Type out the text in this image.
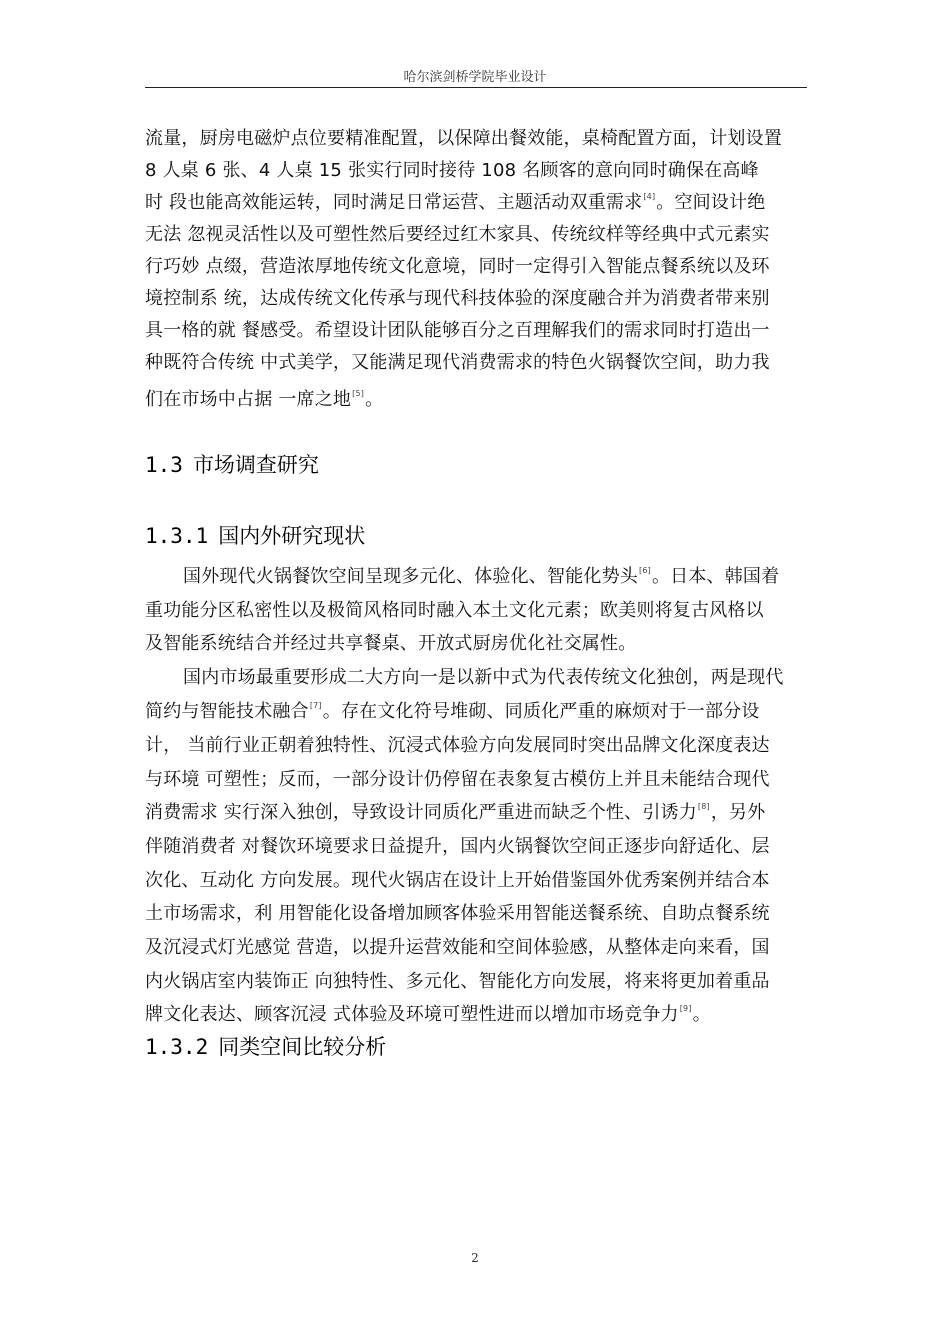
哈尔滨剑桥学院毕业设计
流量，厨房电磁炉点位要精准配置，以保障出餐效能，桌椅配置方面，计划设置
8 人桌 6 张、4 人桌 15 张实行同时接待 108 名顾客的意向同时确保在高峰
时 段也能高效能运转，同时满足日常运营、主题活动双重需求[4]。空间设计绝
无法 忽视灵活性以及可塑性然后要经过红木家具、传统纹样等经典中式元素实
行巧妙 点缀，营造浓厚地传统文化意境，同时一定得引入智能点餐系统以及环
境控制系 统，达成传统文化传承与现代科技体验的深度融合并为消费者带来别
具一格的就 餐感受。希望设计团队能够百分之百理解我们的需求同时打造出一
种既符合传统 中式美学，又能满足现代消费需求的特色火锅餐饮空间，助力我
们在市场中占据 一席之地[5]。
1.3 市场调查研究
1.3.1 国内外研究现状
国外现代火锅餐饮空间呈现多元化、体验化、智能化势头[6]。日本、韩国着
重功能分区私密性以及极简风格同时融入本土文化元素；欧美则将复古风格以
及智能系统结合并经过共享餐桌、开放式厨房优化社交属性。
国内市场最重要形成二大方向一是以新中式为代表传统文化独创，两是现代
简约与智能技术融合[7]。存在文化符号堆砌、同质化严重的麻烦对于一部分设
计， 当前行业正朝着独特性、沉浸式体验方向发展同时突出品牌文化深度表达
与环境 可塑性；反而，一部分设计仍停留在表象复古模仿上并且未能结合现代
消费需求 实行深入独创，导致设计同质化严重进而缺乏个性、引诱力[8]，另外
伴随消费者 对餐饮环境要求日益提升，国内火锅餐饮空间正逐步向舒适化、层
次化、互动化 方向发展。现代火锅店在设计上开始借鉴国外优秀案例并结合本
土市场需求，利 用智能化设备增加顾客体验采用智能送餐系统、自助点餐系统
及沉浸式灯光感觉 营造，以提升运营效能和空间体验感，从整体走向来看，国
内火锅店室内装饰正 向独特性、多元化、智能化方向发展，将来将更加着重品
牌文化表达、顾客沉浸 式体验及环境可塑性进而以增加市场竞争力[9]。
1.3.2 同类空间比较分析
2
